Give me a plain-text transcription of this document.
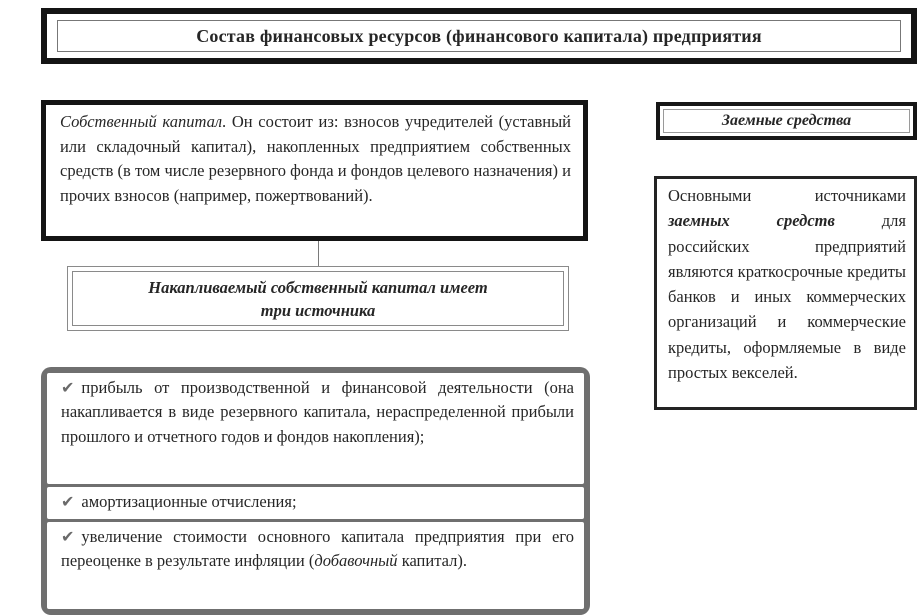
Состав финансовых ресурсов (финансового капитала) предприятия
Собственный капитал. Он состоит из: взносов учредителей (уставный или складочный капитал), накопленных предприятием собственных средств (в том числе резервного фонда и фондов целевого назначения) и прочих взносов (например, пожертвований).
Накапливаемый собственный капитал имеет
три источника
✔ прибыль от производственной и финансовой деятельности (она накапливается в виде резервного капитала, нераспределенной прибыли прошлого и отчетного годов и фондов накопления);
✔ амортизационные отчисления;
✔ увеличение стоимости основного капитала предприятия при его переоценке в результате инфляции (добавочный капитал).
Заемные средства
Основными источниками заемных средств для российских предприятий являются краткосрочные кредиты банков и иных коммерческих организаций и коммерческие кредиты, оформляемые в виде простых векселей.
